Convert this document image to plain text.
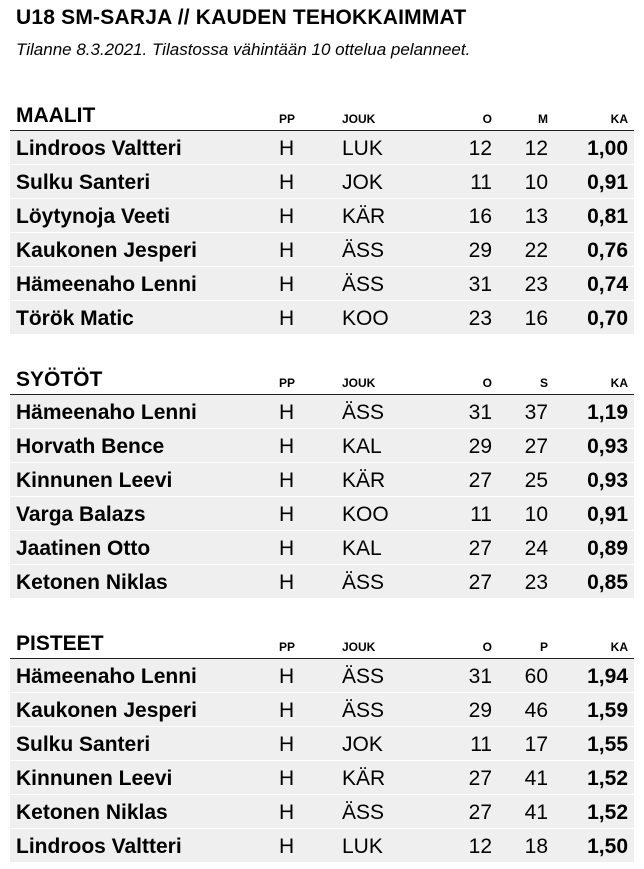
U18 SM-SARJA // KAUDEN TEHOKKAIMMAT
Tilanne 8.3.2021. Tilastossa vähintään 10 ottelua pelanneet.
MAALIT	PP	JOUK	O	M	KA
Lindroos Valtteri	H LUK	12 12 1,00
Sulku Santeri	H JOK	11 10 0,91
Löytynoja Veeti	H KÄR	16 13 0,81
Kaukonen Jesperi	H ÄSS	29 22 0,76
Hämeenaho Lenni	H ÄSS	31 23 0,74
Török Matic	H KOO	23 16 0,70
SYÖTÖT	PP	JOUK	O	S	KA
Hämeenaho Lenni	H ÄSS	31 37 1,19
Horvath Bence	H KAL	29 27 0,93
Kinnunen Leevi	H KÄR	27 25 0,93
Varga Balazs	H KOO	11 10 0,91
Jaatinen Otto	H KAL	27 24 0,89
Ketonen Niklas	H ÄSS	27 23 0,85
PISTEET	PP	JOUK	O	P	KA
Hämeenaho Lenni	H ÄSS	31 60 1,94
Kaukonen Jesperi	H ÄSS	29 46 1,59
Sulku Santeri	H JOK	11 17 1,55
Kinnunen Leevi	H KÄR	27 41 1,52
Ketonen Niklas	H ÄSS	27 41 1,52
Lindroos Valtteri	H LUK	12 18 1,50
